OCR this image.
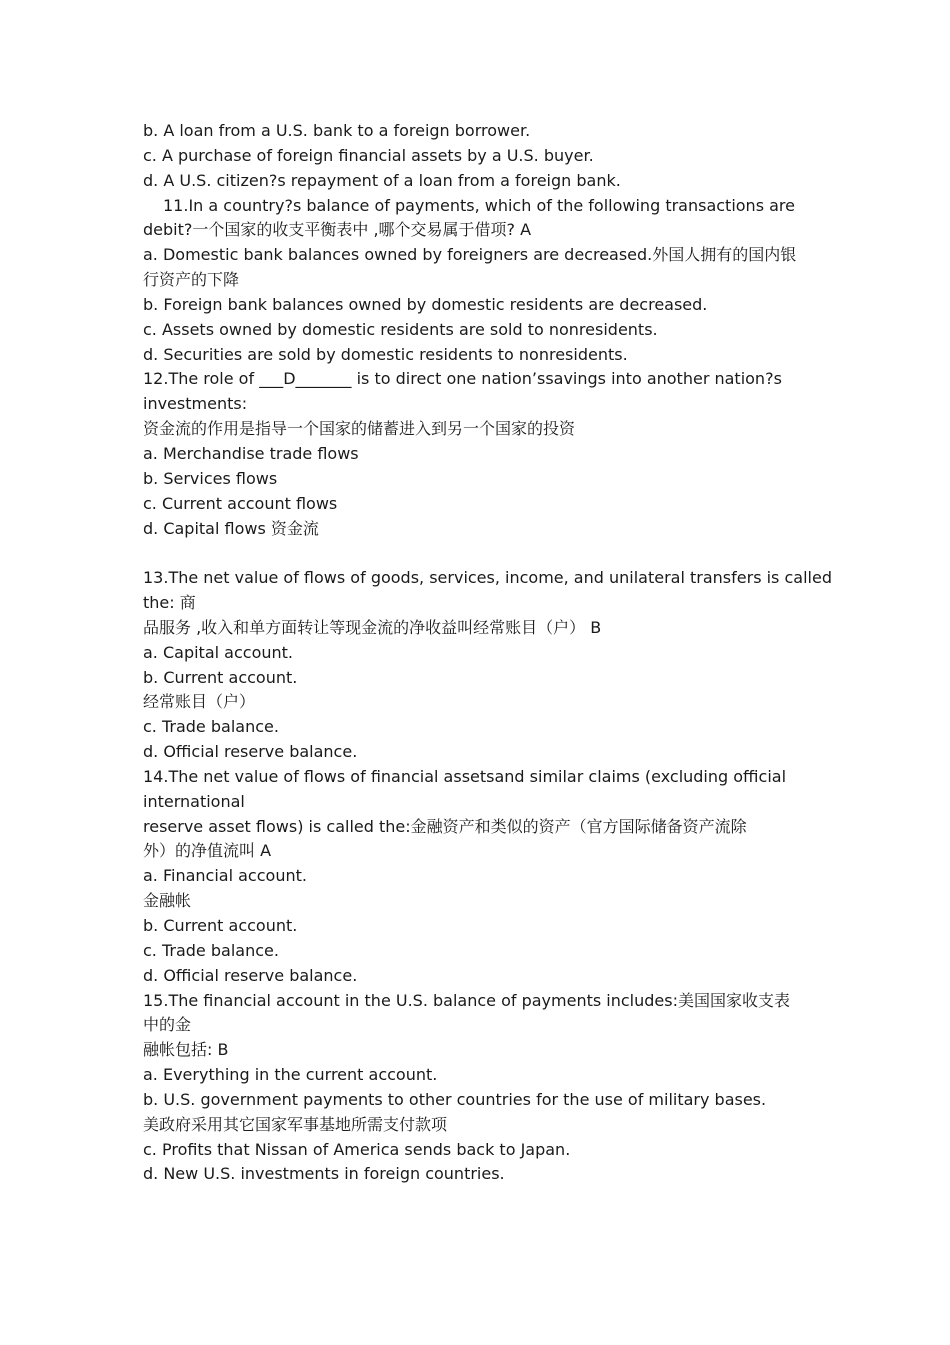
b. A loan from a U.S. bank to a foreign borrower.
c. A purchase of foreign financial assets by a U.S. buyer.
d. A U.S. citizen?s repayment of a loan from a foreign bank.
11.In a country?s balance of payments, which of the following transactions are
debit?一个国家的收支平衡表中 ,哪个交易属于借项? A
a. Domestic bank balances owned by foreigners are decreased.外国人拥有的国内银
行资产的下降
b. Foreign bank balances owned by domestic residents are decreased.
c. Assets owned by domestic residents are sold to nonresidents.
d. Securities are sold by domestic residents to nonresidents.
12.The role of ___D_______ is to direct one nation’ssavings into another nation?s
investments:
资金流的作用是指导一个国家的储蓄进入到另一个国家的投资
a. Merchandise trade flows
b. Services flows
c. Current account flows
d. Capital flows 资金流
13.The net value of flows of goods, services, income, and unilateral transfers is called
the: 商
品服务 ,收入和单方面转让等现金流的净收益叫经常账目（户） B
a. Capital account.
b. Current account.
经常账目（户）
c. Trade balance.
d. Official reserve balance.
14.The net value of flows of financial assetsand similar claims (excluding official
international
reserve asset flows) is called the:金融资产和类似的资产（官方国际储备资产流除
外）的净值流叫 A
a. Financial account.
金融帐
b. Current account.
c. Trade balance.
d. Official reserve balance.
15.The financial account in the U.S. balance of payments includes:美国国家收支表
中的金
融帐包括: B
a. Everything in the current account.
b. U.S. government payments to other countries for the use of military bases.
美政府采用其它国家军事基地所需支付款项
c. Profits that Nissan of America sends back to Japan.
d. New U.S. investments in foreign countries.
